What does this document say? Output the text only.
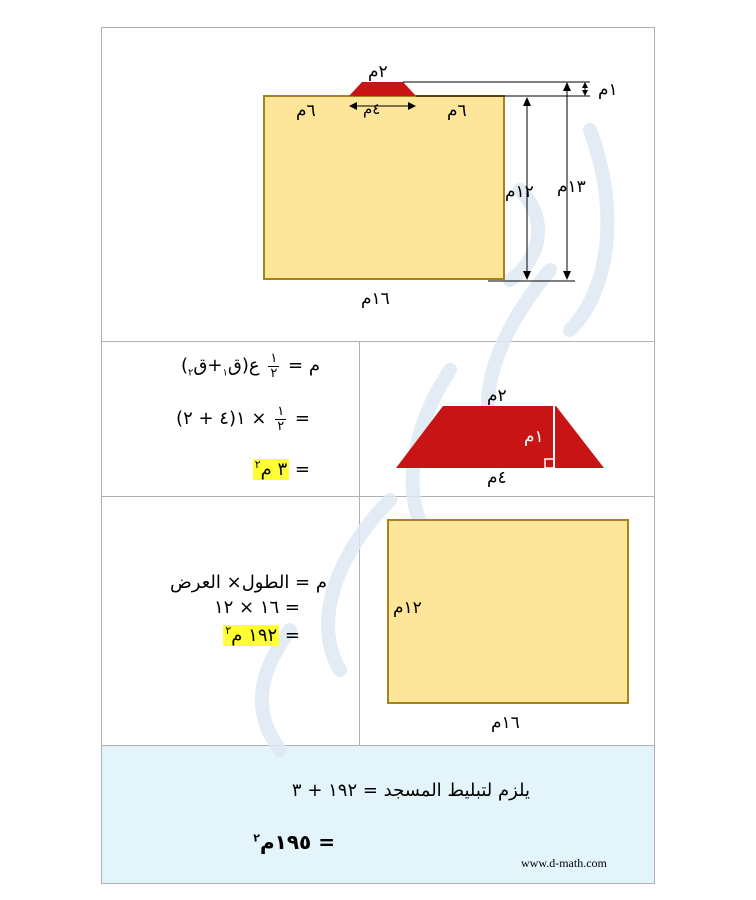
٢م
٤م
٦م	٦م
١م
١٢م ١٣م
١٦م
م =
$\frac{١}{٢}$
ع(ق$_١$+ق$_٢$)
=
$\frac{١}{٢}$
× ١(٤ + ٢)
= ٣ م$^٢$
٢م
١م
٤م
م = الطول× العرض
= ١٦ × ١٢
= ١٩٢ م$^٢$
١٢م
١٦م
يلزم لتبليط المسجد = ١٩٢ + ٣
= ١٩٥م$^٢$
www.d-math.com
